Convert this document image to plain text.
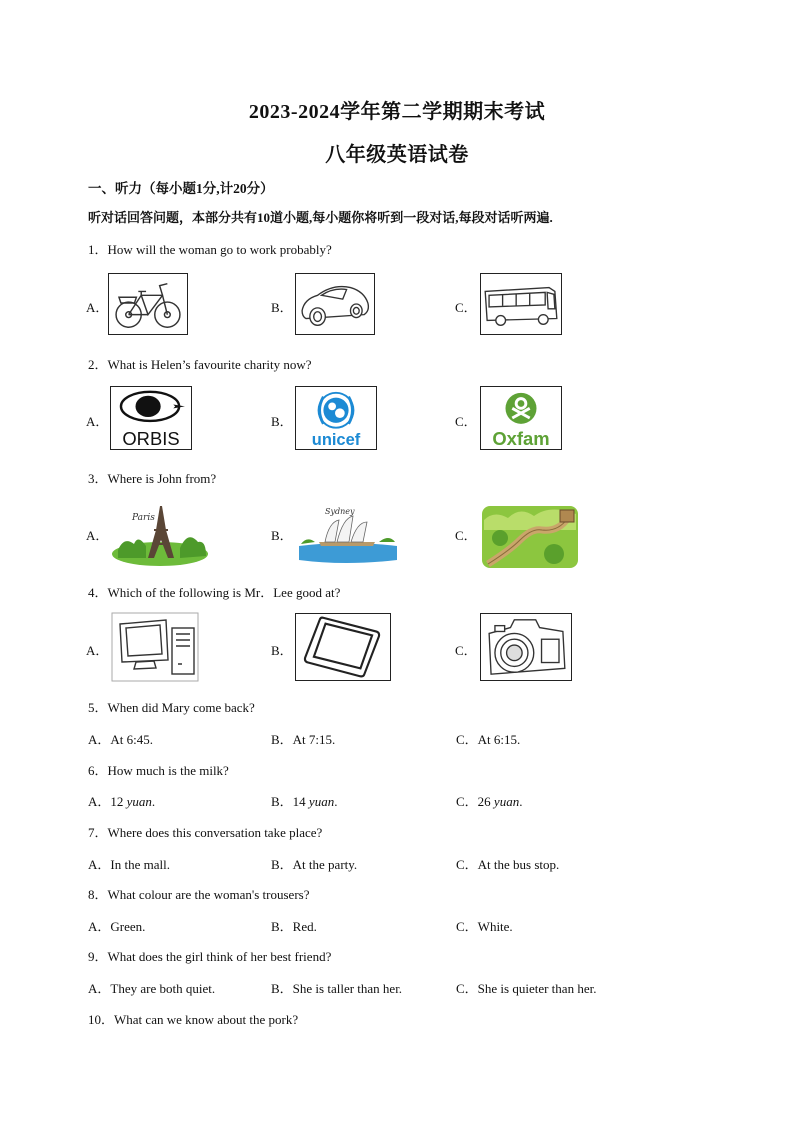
2023-2024学年第二学期期末考试
八年级英语试卷
一、听力（每小题1分,计20分）
听对话回答问题，本部分共有10道小题,每小题你将听到一段对话,每段对话听两遍.
1．How will the woman go to work probably?
A．	B．	C．
2．What is Helen’s favourite charity now?
A．
ORBIS
B．
unicef
C．
Oxfam
3．Where is John from?
A．
Paris
B．
Sydney
C．
4．Which of the following is Mr．Lee good at?
A．	B．	C．
5．When did Mary come back?
A．At 6:45.	B．At 7:15.	C．At 6:15.
6．How much is the milk?
A．12 yuan.	B．14 yuan.	C．26 yuan.
7．Where does this conversation take place?
A．In the mall.	B．At the party.	C．At the bus stop.
8．What colour are the woman's trousers?
A．Green.	B．Red.	C．White.
9．What does the girl think of her best friend?
A．They are both quiet.	B．She is taller than her.	C．She is quieter than her.
10．What can we know about the pork?
